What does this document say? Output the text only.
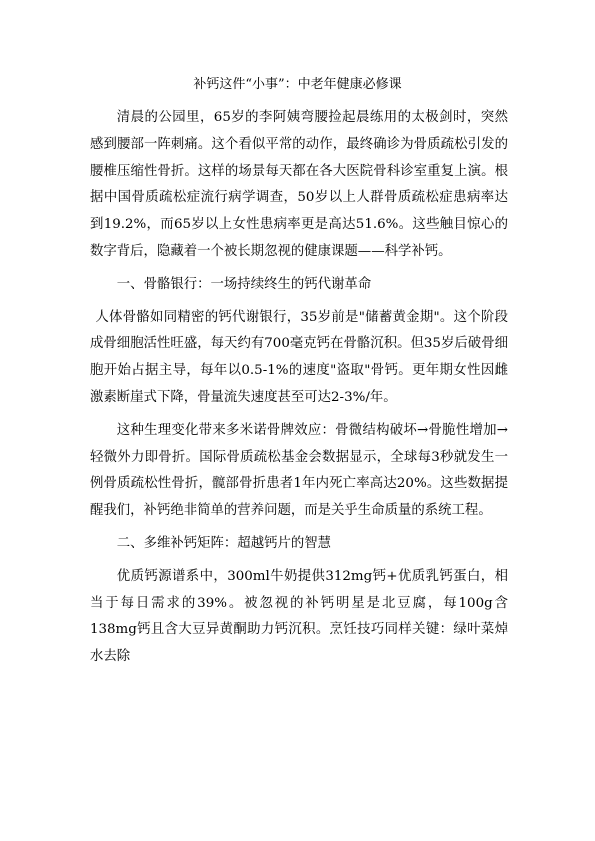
补钙这件“小事”：中老年健康必修课

清晨的公园里，65岁的李阿姨弯腰捡起晨练用的太极剑时，突然感到腰部一阵刺痛。这个看似平常的动作，最终确诊为骨质疏松引发的腰椎压缩性骨折。这样的场景每天都在各大医院骨科诊室重复上演。根据中国骨质疏松症流行病学调查，50岁以上人群骨质疏松症患病率达到19.2%，而65岁以上女性患病率更是高达51.6%。这些触目惊心的数字背后，隐藏着一个被长期忽视的健康课题——科学补钙。

一、骨骼银行：一场持续终生的钙代谢革命

人体骨骼如同精密的钙代谢银行，35岁前是"储蓄黄金期"。这个阶段成骨细胞活性旺盛，每天约有700毫克钙在骨骼沉积。但35岁后破骨细胞开始占据主导，每年以0.5-1%的速度"盗取"骨钙。更年期女性因雌激素断崖式下降，骨量流失速度甚至可达2-3%/年。

这种生理变化带来多米诺骨牌效应：骨微结构破坏→骨脆性增加→轻微外力即骨折。国际骨质疏松基金会数据显示，全球每3秒就发生一例骨质疏松性骨折，髋部骨折患者1年内死亡率高达20%。这些数据提醒我们，补钙绝非简单的营养问题，而是关乎生命质量的系统工程。

二、多维补钙矩阵：超越钙片的智慧

优质钙源谱系中，300ml牛奶提供312mg钙+优质乳钙蛋白，相当于每日需求的39%。被忽视的补钙明星是北豆腐，每100g含138mg钙且含大豆异黄酮助力钙沉积。烹饪技巧同样关键：绿叶菜焯水去除
